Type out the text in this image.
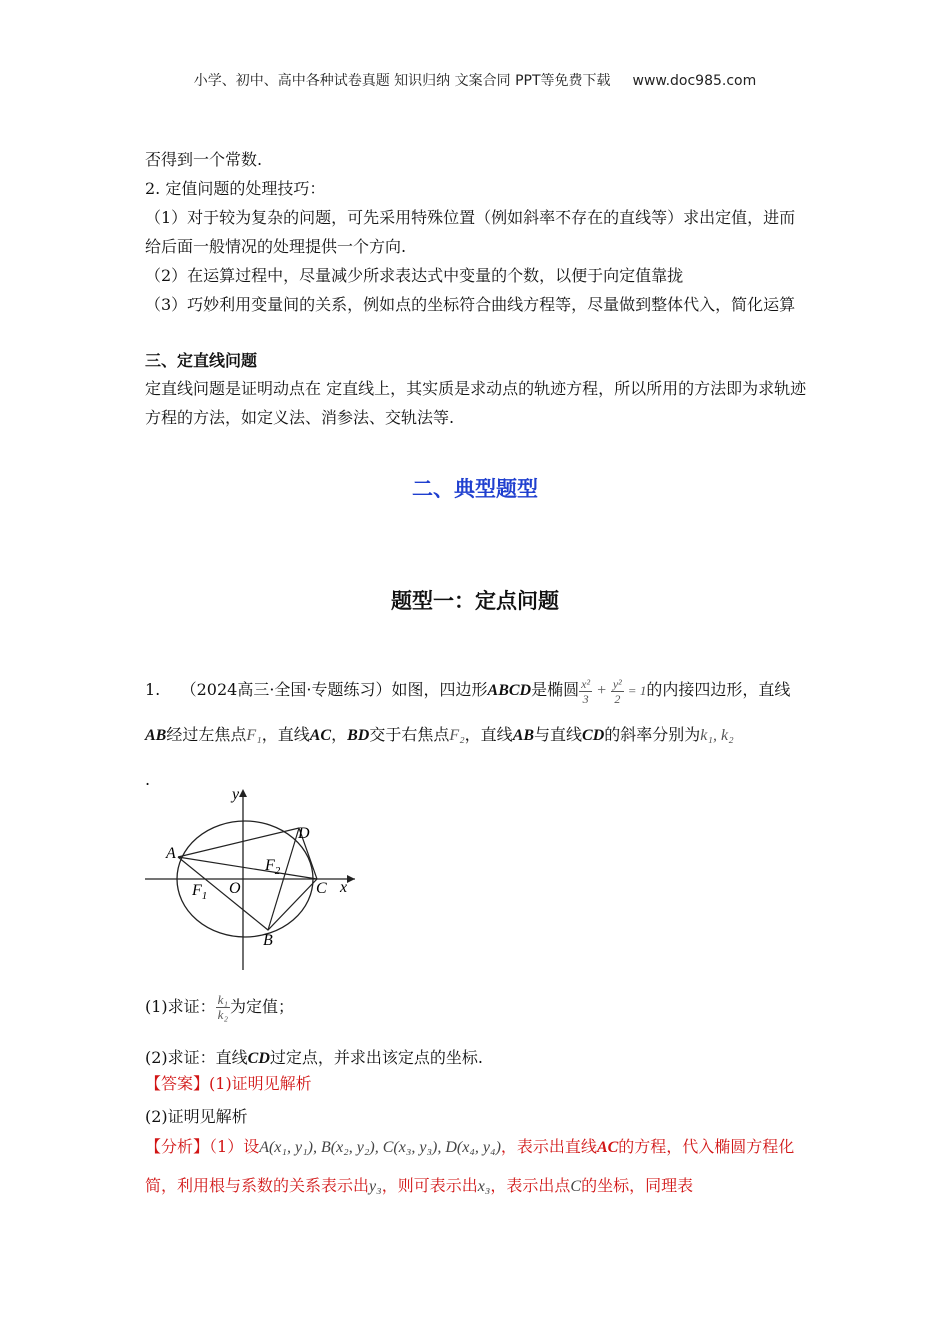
小学、初中、高中各种试卷真题 知识归纳 文案合同 PPT等免费下载 www.doc985.com
否得到一个常数.
2. 定值问题的处理技巧：
（1）对于较为复杂的问题，可先采用特殊位置（例如斜率不存在的直线等）求出定值，进而给后面一般情况的处理提供一个方向.
（2）在运算过程中，尽量减少所求表达式中变量的个数，以便于向定值靠拢
（3）巧妙利用变量间的关系，例如点的坐标符合曲线方程等，尽量做到整体代入，简化运算
三、定直线问题
定直线问题是证明动点在 定直线上，其实质是求动点的轨迹方程，所以所用的方法即为求轨迹方程的方法，如定义法、消参法、交轨法等.
二、典型题型
题型一：定点问题
1. （2024高三·全国·专题练习）如图，四边形ABCD是椭圆 $\frac{\text{x²}}{3} + \frac{\text{y²}}{2} = 1$的内接四边形，直线AB经过左焦点F₁，直线AC，BD交于右焦点F₂，直线AB与直线CD的斜率分别为k₁, k₂
.
y
x
A
B
C
D
O
$F_1$
$F_2$
(1)求证： $\frac{\text{k₁}}{\text{k₂}}$ 为定值；
(2)求证：直线CD过定点，并求出该定点的坐标.
【答案】(1)证明见解析
(2)证明见解析
【分析】（1）设A(x₁, y₁), B(x₂, y₂), C(x₃, y₃), D(x₄, y₄)，表示出直线AC的方程，代入椭圆方程化简，利用根与系数的关系表示出y₃，则可表示出x₃，表示出点C的坐标，同理表
